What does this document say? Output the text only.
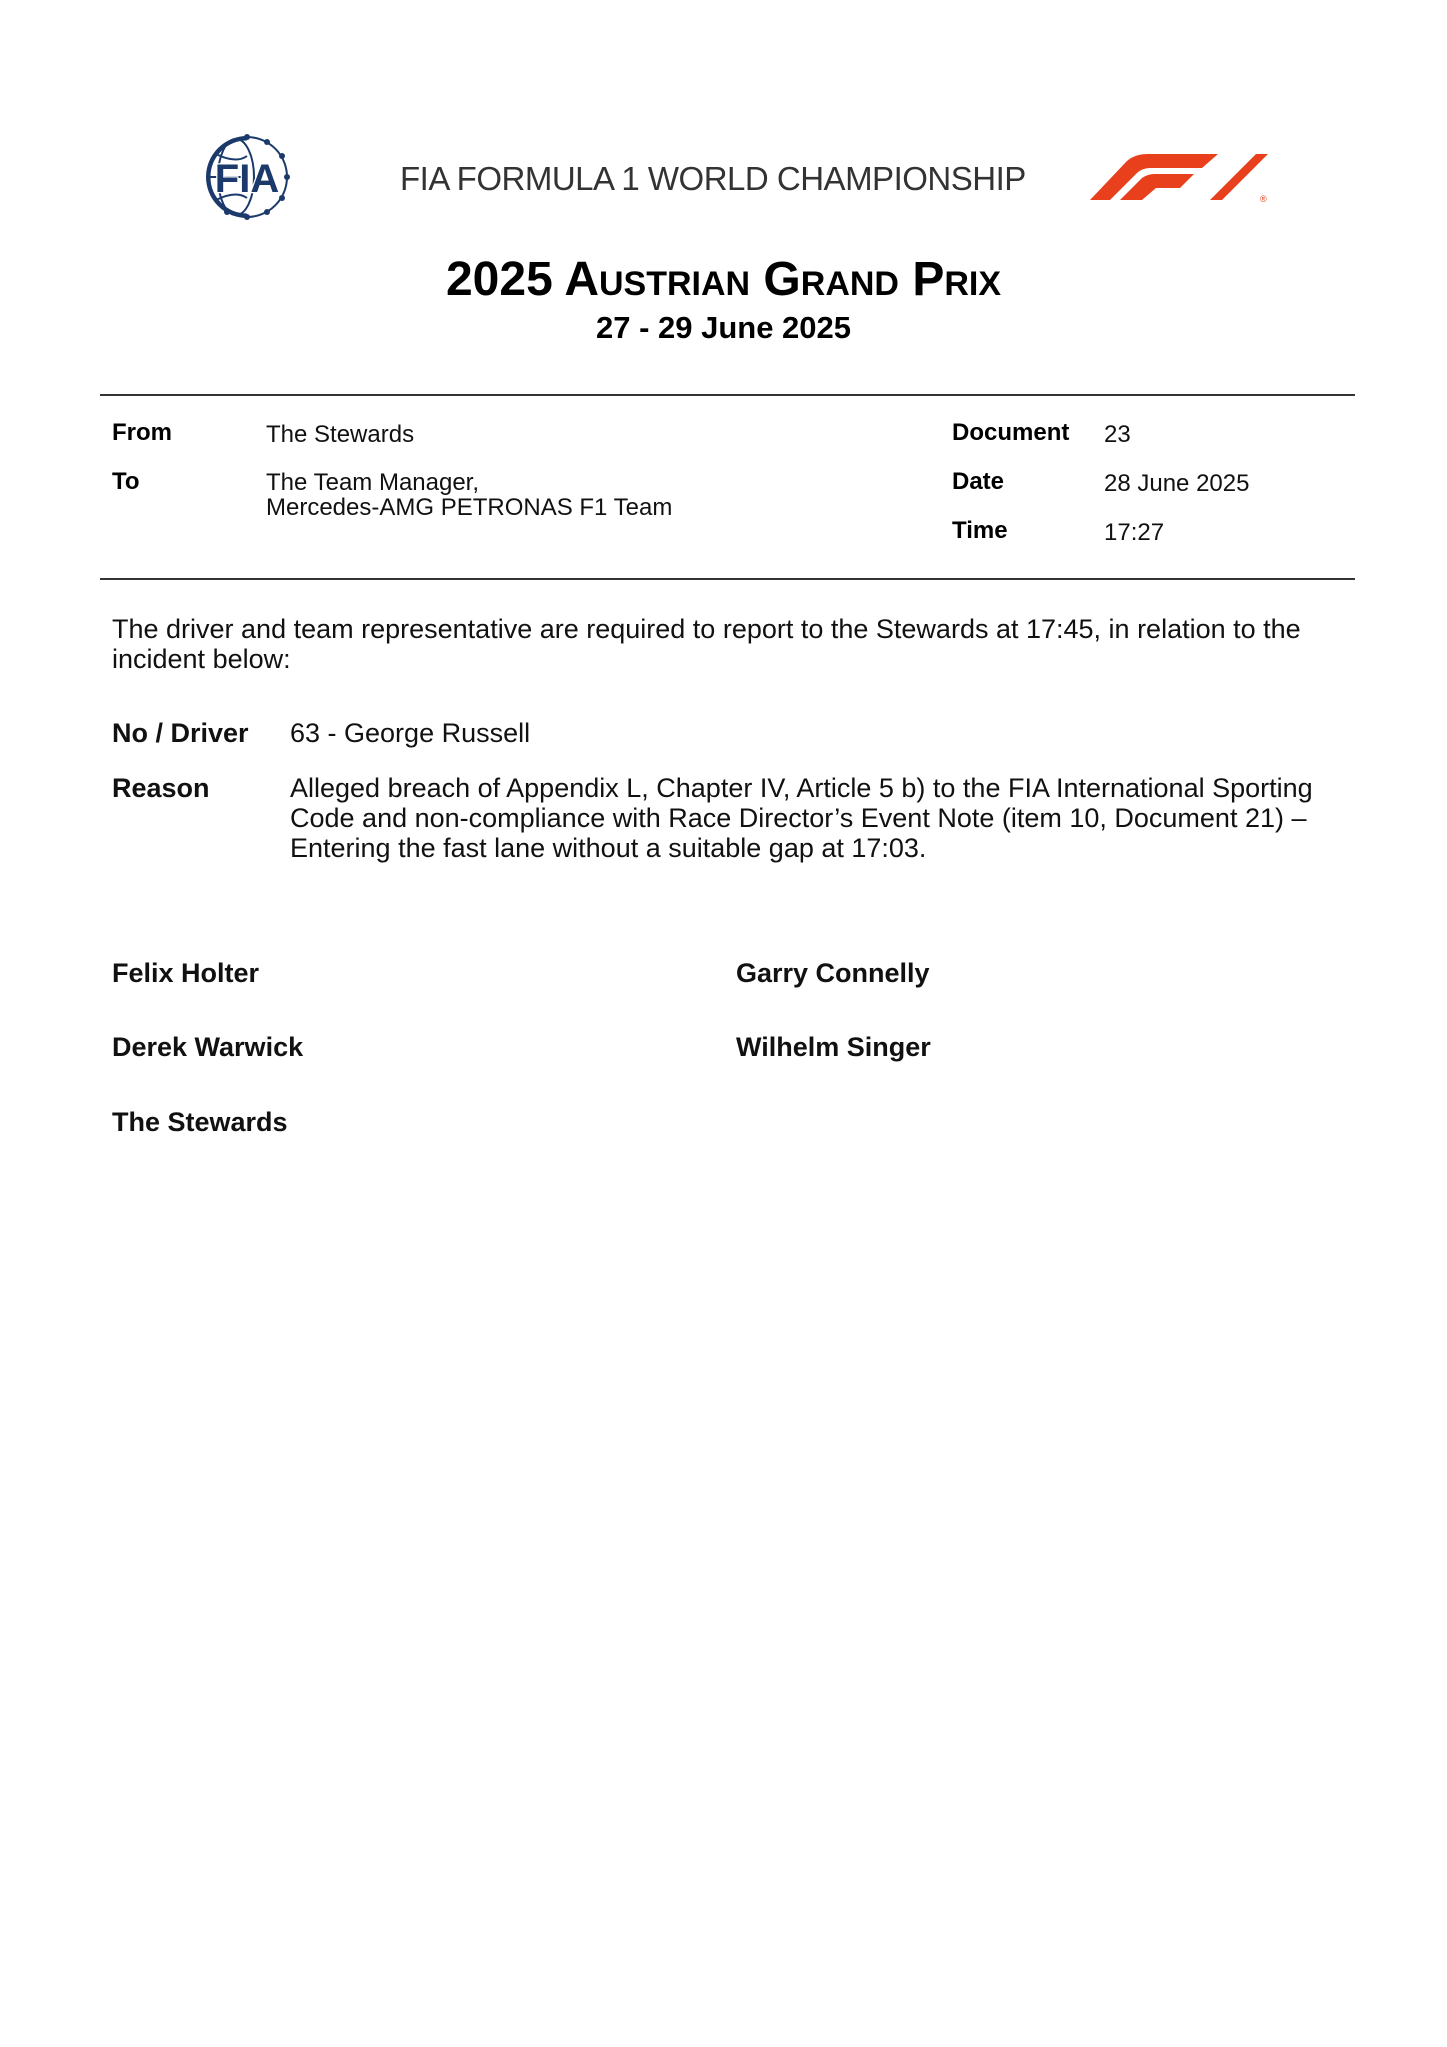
FIA	FIA FORMULA 1 WORLD CHAMPIONSHIP
®
2025 Austrian Grand Prix
27 - 29 June 2025
From	The Stewards
To	The Team Manager,
Mercedes-AMG PETRONAS F1 Team
Document 23
Date	28 June 2025
Time	17:27
The driver and team representative are required to report to the Stewards at 17:45, in relation to the incident below:
No / Driver 63 - George Russell
Reason	Alleged breach of Appendix L, Chapter IV, Article 5 b) to the FIA International Sporting Code and non-compliance with Race Director’s Event Note (item 10, Document 21) – Entering the fast lane without a suitable gap at 17:03.
Felix Holter	Garry Connelly
Derek Warwick	Wilhelm Singer
The Stewards
